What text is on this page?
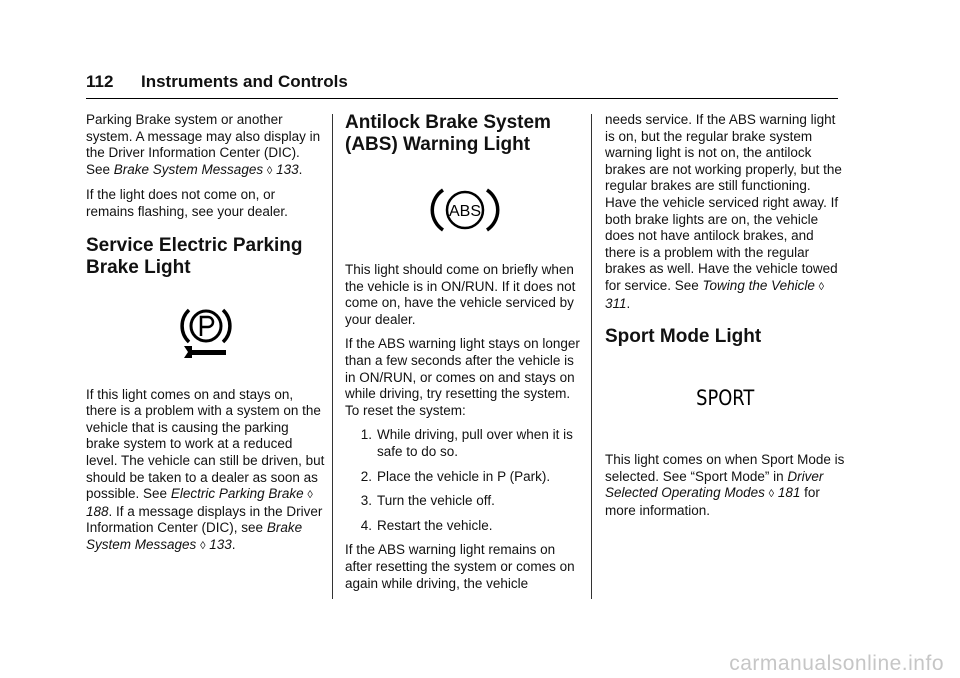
112 Instruments and Controls

Parking Brake system or another system. A message may also display in the Driver Information Center (DIC). See Brake System Messages ◊ 133.

If the light does not come on, or remains flashing, see your dealer.

Service Electric Parking Brake Light

If this light comes on and stays on, there is a problem with a system on the vehicle that is causing the parking brake system to work at a reduced level. The vehicle can still be driven, but should be taken to a dealer as soon as possible. See Electric Parking Brake ◊ 188. If a message displays in the Driver Information Center (DIC), see Brake System Messages ◊ 133.

Antilock Brake System (ABS) Warning Light
ABS

This light should come on briefly when the vehicle is in ON/RUN. If it does not come on, have the vehicle serviced by your dealer.

If the ABS warning light stays on longer than a few seconds after the vehicle is in ON/RUN, or comes on and stays on while driving, try resetting the system. To reset the system:

1. While driving, pull over when it is safe to do so.
2. Place the vehicle in P (Park).
3. Turn the vehicle off.
4. Restart the vehicle.

If the ABS warning light remains on after resetting the system or comes on again while driving, the vehicle

needs service. If the ABS warning light is on, but the regular brake system warning light is not on, the antilock brakes are not working properly, but the regular brakes are still functioning. Have the vehicle serviced right away. If both brake lights are on, the vehicle does not have antilock brakes, and there is a problem with the regular brakes as well. Have the vehicle towed for service. See Towing the Vehicle ◊ 311.

Sport Mode Light
SPORT

This light comes on when Sport Mode is selected. See “Sport Mode” in Driver Selected Operating Modes ◊ 181 for more information.

carmanualsonline.info
